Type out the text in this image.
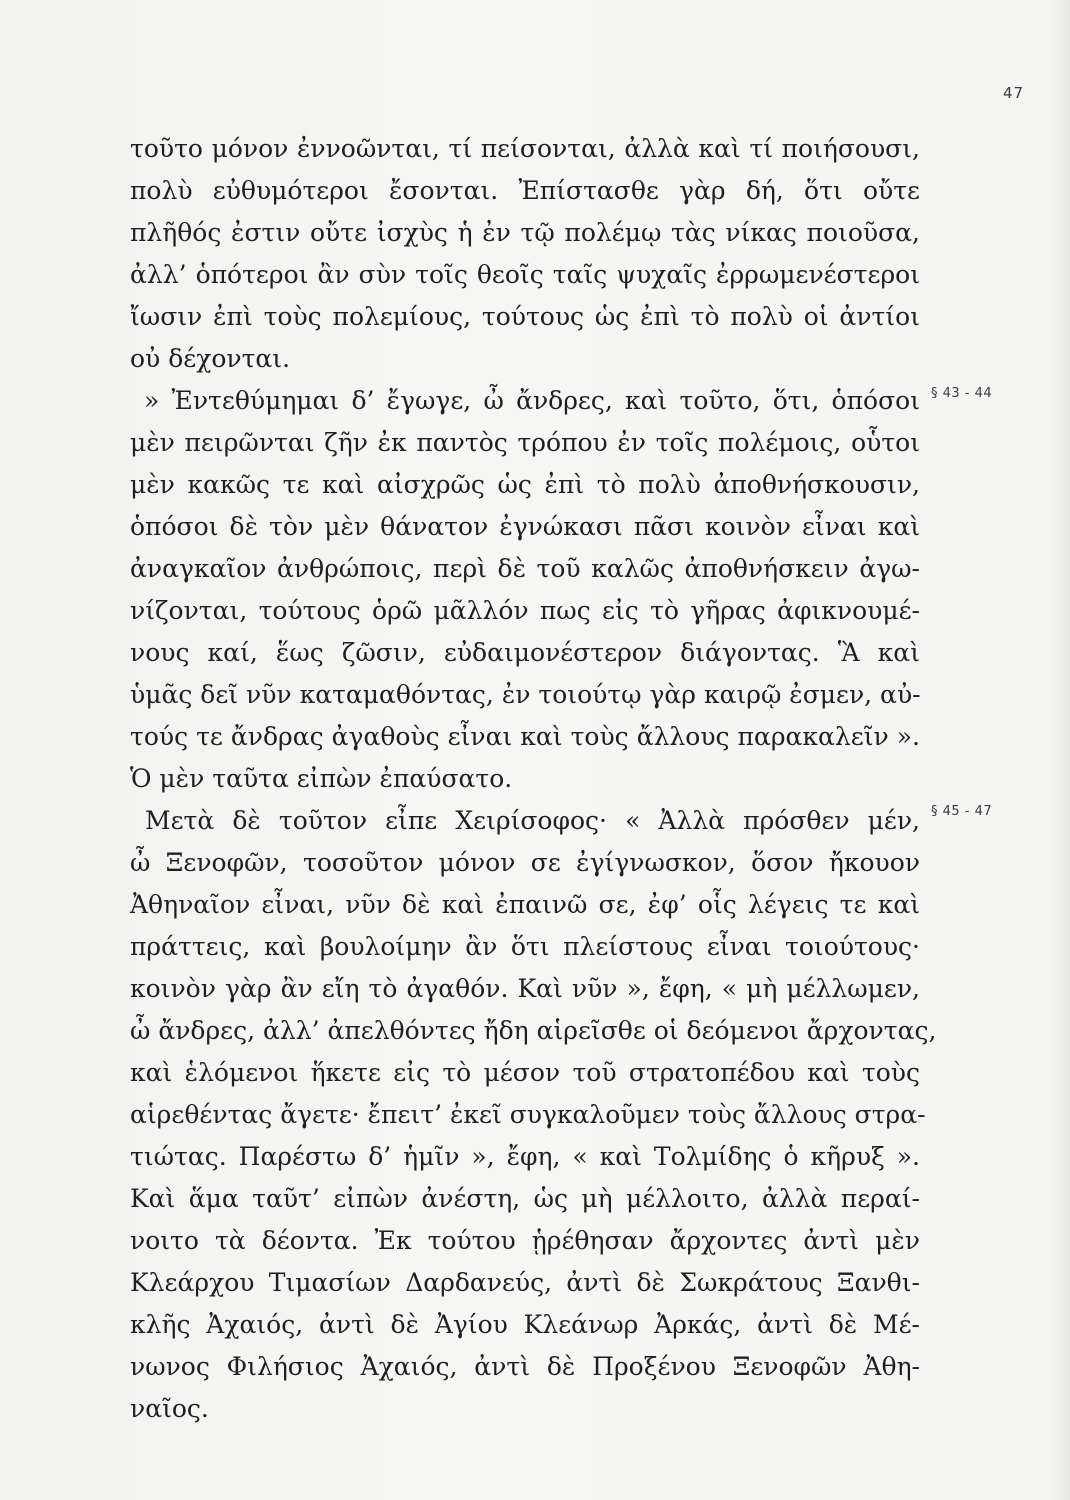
47
τοῦτο μόνον ἐννοῶνται, τί πείσονται, ἀλλὰ καὶ τί ποιήσουσι,
πολὺ εὐθυμότεροι ἔσονται. Ἐπίστασθε γὰρ δή, ὅτι οὔτε
πλῆθός ἐστιν οὔτε ἰσχὺς ἡ ἐν τῷ πολέμῳ τὰς νίκας ποιοῦσα,
ἀλλ’ ὁπότεροι ἂν σὺν τοῖς θεοῖς ταῖς ψυχαῖς ἐρρωμενέστεροι
ἴωσιν ἐπὶ τοὺς πολεμίους, τούτους ὡς ἐπὶ τὸ πολὺ οἱ ἀντίοι
οὐ δέχονται.
» Ἐντεθύμημαι δ’ ἔγωγε, ὦ ἄνδρες, καὶ τοῦτο, ὅτι, ὁπόσοι
μὲν πειρῶνται ζῆν ἐκ παντὸς τρόπου ἐν τοῖς πολέμοις, οὗτοι
μὲν κακῶς τε καὶ αἰσχρῶς ὡς ἐπὶ τὸ πολὺ ἀποθνήσκουσιν,
ὁπόσοι δὲ τὸν μὲν θάνατον ἐγνώκασι πᾶσι κοινὸν εἶναι καὶ
ἀναγκαῖον ἀνθρώποις, περὶ δὲ τοῦ καλῶς ἀποθνήσκειν ἀγω-
νίζονται, τούτους ὁρῶ μᾶλλόν πως εἰς τὸ γῆρας ἀφικνουμέ-
νους καί, ἕως ζῶσιν, εὐδαιμονέστερον διάγοντας. Ἃ καὶ
ὑμᾶς δεῖ νῦν καταμαθόντας, ἐν τοιούτῳ γὰρ καιρῷ ἐσμεν, αὐ-
τούς τε ἄνδρας ἀγαθοὺς εἶναι καὶ τοὺς ἄλλους παρακαλεῖν ».
Ὁ μὲν ταῦτα εἰπὼν ἐπαύσατο.
Μετὰ δὲ τοῦτον εἶπε Χειρίσοφος· « Ἀλλὰ πρόσθεν μέν,
ὦ Ξενοφῶν, τοσοῦτον μόνον σε ἐγίγνωσκον, ὅσον ἤκουον
Ἀθηναῖον εἶναι, νῦν δὲ καὶ ἐπαινῶ σε, ἐφ’ οἷς λέγεις τε καὶ
πράττεις, καὶ βουλοίμην ἂν ὅτι πλείστους εἶναι τοιούτους·
κοινὸν γὰρ ἂν εἴη τὸ ἀγαθόν. Καὶ νῦν », ἔφη, « μὴ μέλλωμεν,
ὦ ἄνδρες, ἀλλ’ ἀπελθόντες ἤδη αἱρεῖσθε οἱ δεόμενοι ἄρχοντας,
καὶ ἑλόμενοι ἥκετε εἰς τὸ μέσον τοῦ στρατοπέδου καὶ τοὺς
αἱρεθέντας ἄγετε· ἔπειτ’ ἐκεῖ συγκαλοῦμεν τοὺς ἄλλους στρα-
τιώτας. Παρέστω δ’ ἡμῖν », ἔφη, « καὶ Τολμίδης ὁ κῆρυξ ».
Καὶ ἅμα ταῦτ’ εἰπὼν ἀνέστη, ὡς μὴ μέλλοιτο, ἀλλὰ περαί-
νοιτο τὰ δέοντα. Ἐκ τούτου ᾑρέθησαν ἄρχοντες ἀντὶ μὲν
Κλεάρχου Τιμασίων Δαρδανεύς, ἀντὶ δὲ Σωκράτους Ξανθι-
κλῆς Ἀχαιός, ἀντὶ δὲ Ἀγίου Κλεάνωρ Ἀρκάς, ἀντὶ δὲ Μέ-
νωνος Φιλήσιος Ἀχαιός, ἀντὶ δὲ Προξένου Ξενοφῶν Ἀθη-
ναῖος.
§ 43 - 44
§ 45 - 47
